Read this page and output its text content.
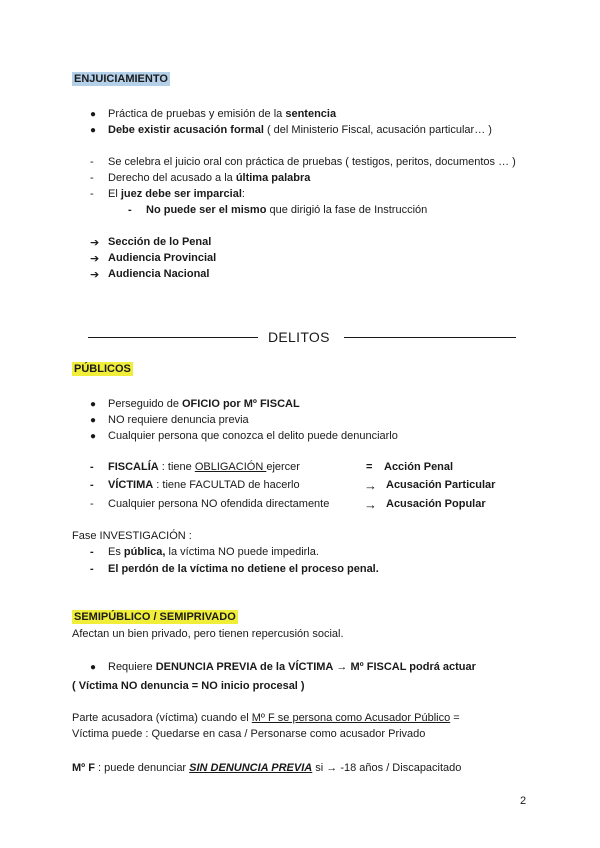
ENJUICIAMIENTO
● Práctica de pruebas y emisión de la sentencia
● Debe existir acusación formal ( del Ministerio Fiscal, acusación particular… )
- Se celebra el juicio oral con práctica de pruebas ( testigos, peritos, documentos … )
- Derecho del acusado a la última palabra
- El juez debe ser imparcial:
- No puede ser el mismo que dirigió la fase de Instrucción
➔ Sección de lo Penal
➔ Audiencia Provincial
➔ Audiencia Nacional
DELITOS
PÚBLICOS
● Perseguido de OFICIO por Mº FISCAL
● NO requiere denuncia previa
● Cualquier persona que conozca el delito puede denunciarlo
- FISCALÍA : tiene OBLIGACIÓN ejercer	= Acción Penal
- VÍCTIMA : tiene FACULTAD de hacerlo	→ Acusación Particular
- Cualquier persona NO ofendida directamente	→ Acusación Popular
Fase INVESTIGACIÓN :
- Es pública, la víctima NO puede impedirla.
- El perdón de la víctima no detiene el proceso penal.
SEMIPÚBLICO / SEMIPRIVADO
Afectan un bien privado, pero tienen repercusión social.
● Requiere DENUNCIA PREVIA de la VÍCTIMA → Mº FISCAL podrá actuar
( Víctima NO denuncia = NO inicio procesal )
Parte acusadora (víctima) cuando el Mº F se persona como Acusador Público =
Víctima puede : Quedarse en casa / Personarse como acusador Privado
Mº F : puede denunciar SIN DENUNCIA PREVIA si → -18 años / Discapacitado
2
